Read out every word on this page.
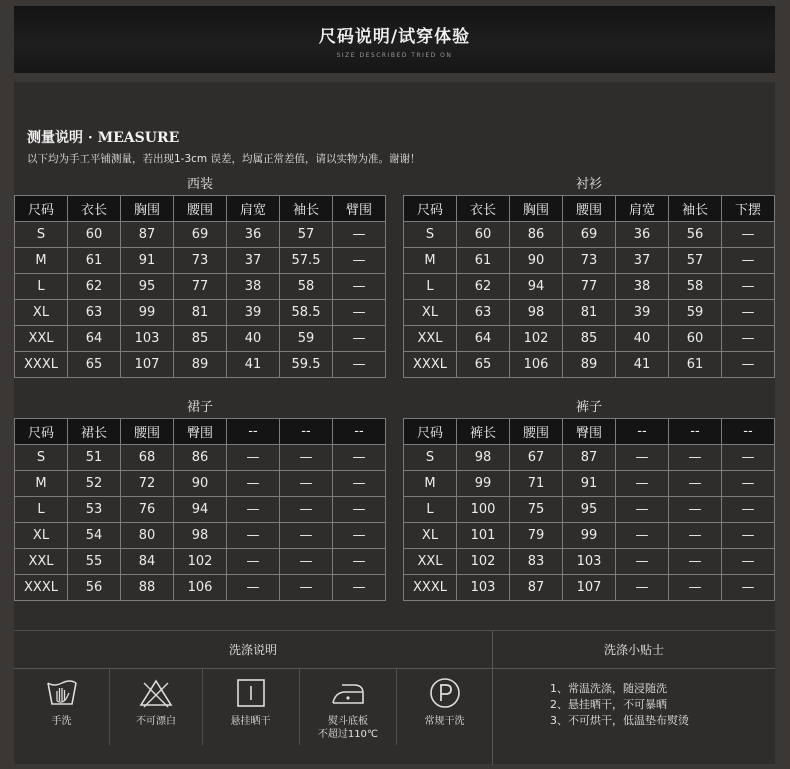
尺码说明/试穿体验
SIZE DESCRIBED TRIED ON
测量说明 · MEASURE
以下均为手工平铺测量，若出现1-3cm 误差，均属正常差值，请以实物为准。谢谢！
西装	衬衫
裙子	裤子
尺码	衣长	胸围	腰围	肩宽	袖长	臂围
S	60	87	69	36	57	—
M	61	91	73	37	57.5	—
L	62	95	77	38	58	—
XL	63	99	81	39	58.5	—
XXL	64	103	85	40	59	—
XXXL	65	107	89	41	59.5	—
尺码	衣长	胸围	腰围	肩宽	袖长	下摆
S	60	86	69	36	56	—
M	61	90	73	37	57	—
L	62	94	77	38	58	—
XL	63	98	81	39	59	—
XXL	64	102	85	40	60	—
XXXL	65	106	89	41	61	—
尺码	裙长	腰围	臀围	--	--	--
S	51	68	86	—	—	—
M	52	72	90	—	—	—
L	53	76	94	—	—	—
XL	54	80	98	—	—	—
XXL	55	84	102	—	—	—
XXXL	56	88	106	—	—	—
尺码	裤长	腰围	臀围	--	--	--
S	98	67	87	—	—	—
M	99	71	91	—	—	—
L	100	75	95	—	—	—
XL	101	79	99	—	—	—
XXL	102	83	103	—	—	—
XXXL	103	87	107	—	—	—
洗涤说明	洗涤小贴士
手洗	不可漂白	悬挂晒干	熨斗底板
不超过110℃
常规干洗
1、常温洗涤，随浸随洗
2、悬挂晒干，不可暴晒
3、不可烘干，低温垫布熨烫
